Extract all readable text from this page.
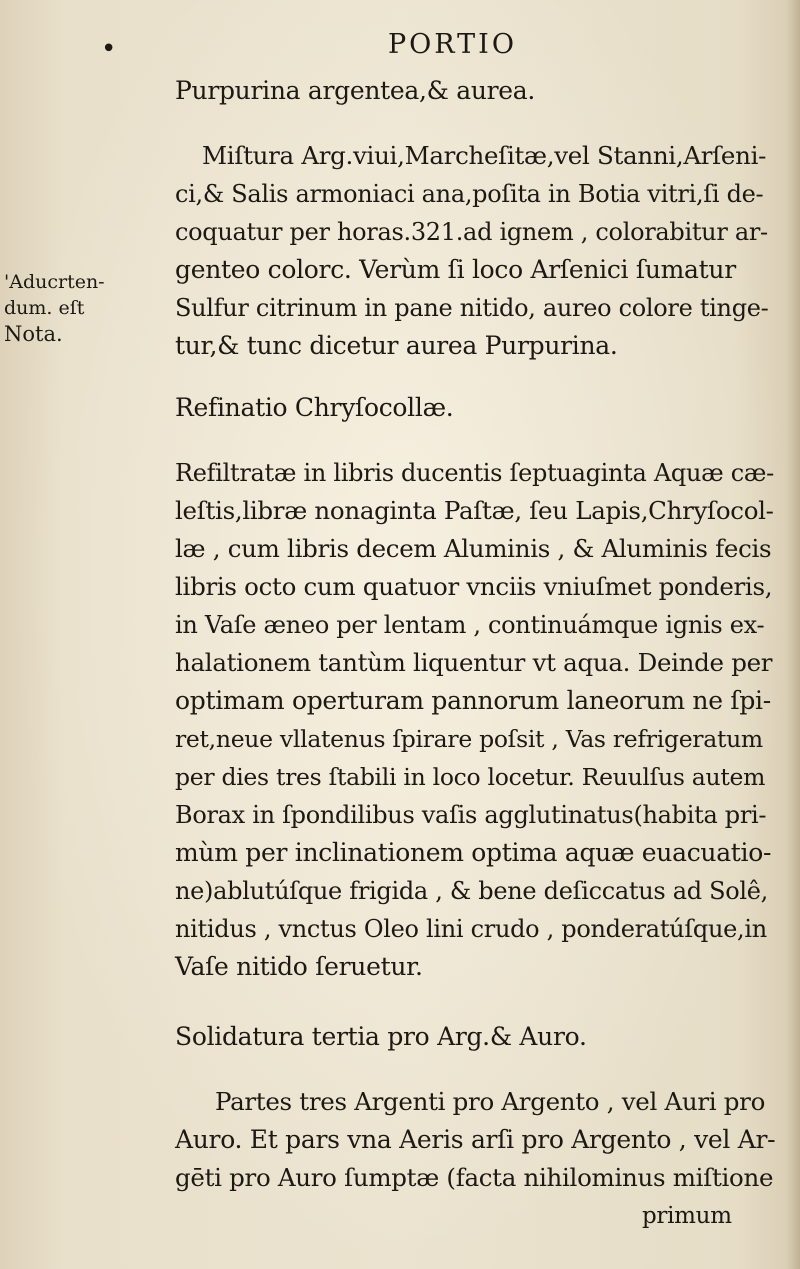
•	PORTIO
'Aducrten-
dum. eſt
Nota.
Purpurina argentea,& aurea.
Miſtura Arg.viui,Marcheſitæ,vel Stanni,Arſeni-
ci,& Salis armoniaci ana,poſita in Botia vitri,ſi de-
coquatur per horas.321.ad ignem , colorabitur ar-
genteo colorc. Verùm ſi loco Arſenici ſumatur
Sulfur citrinum in pane nitido, aureo colore tinge-
tur,& tunc dicetur aurea Purpurina.
Refinatio Chryſocollæ.
Refiltratæ in libris ducentis ſeptuaginta Aquæ cæ-
leſtis,libræ nonaginta Paſtæ, ſeu Lapis,Chryſocol-
læ , cum libris decem Aluminis , & Aluminis fecis
libris octo cum quatuor vnciis vniuſmet ponderis,
in Vaſe æneo per lentam , continuámque ignis ex-
halationem tantùm liquentur vt aqua. Deinde per
optimam operturam pannorum laneorum ne ſpi-
ret,neue vllatenus ſpirare poſsit , Vas refrigeratum
per dies tres ſtabili in loco locetur. Reuulſus autem
Borax in ſpondilibus vaſis agglutinatus(habita pri-
mùm per inclinationem optima aquæ euacuatio-
ne)ablutúſque frigida , & bene deſiccatus ad Solê,
nitidus , vnctus Oleo lini crudo , ponderatúſque,in
Vaſe nitido ſeruetur.
Solidatura tertia pro Arg.& Auro.
Partes tres Argenti pro Argento , vel Auri pro
Auro. Et pars vna Aeris arſi pro Argento , vel Ar-
gēti pro Auro ſumptæ (facta nihilominus miſtione
primum
